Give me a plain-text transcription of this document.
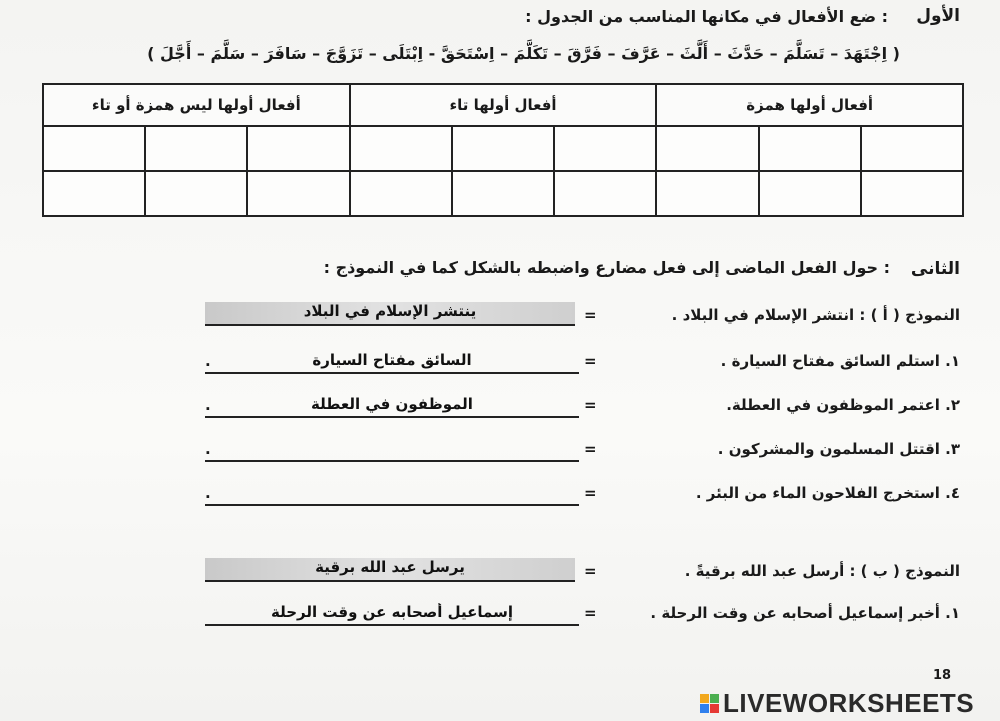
الأول
: ضع الأفعال في مكانها المناسب من الجدول :
( اِجْتَهَدَ – تَسَلَّمَ – حَدَّثَ – أَلَّثَ – عَرَّفَ – فَرَّقَ – تَكَلَّمَ – اِسْتَحَقَّ ‐ اِبْتَلَى – تَزَوَّجَ – سَافَرَ – سَلَّمَ – أَجَّلَ )
أفعال أولها همزة			أفعال أولها تاء			أفعال أولها ليس همزة أو تاء		

الثانى
: حول الفعل الماضى إلى فعل مضارع واضبطه بالشكل كما في النموذج :
النموذج ( أ ) : انتشر الإسلام في البلاد .
=
ينتشر الإسلام في البلاد
١. استلم السائق مفتاح السيارة .
=
السائق مفتاح السيارة
.
٢. اعتمر الموظفون في العطلة.
=
الموظفون في العطلة
.
٣. اقتتل المسلمون والمشركون .
=
.
٤. استخرج الفلاحون الماء من البئر .
=
.
النموذج ( ب ) : أرسل عبد الله برقيةً .
=
يرسل عبد الله برقية
١. أخبر إسماعيل أصحابه عن وقت الرحلة .
=
إسماعيل أصحابه عن وقت الرحلة
18
LIVEWORKSHEETS
